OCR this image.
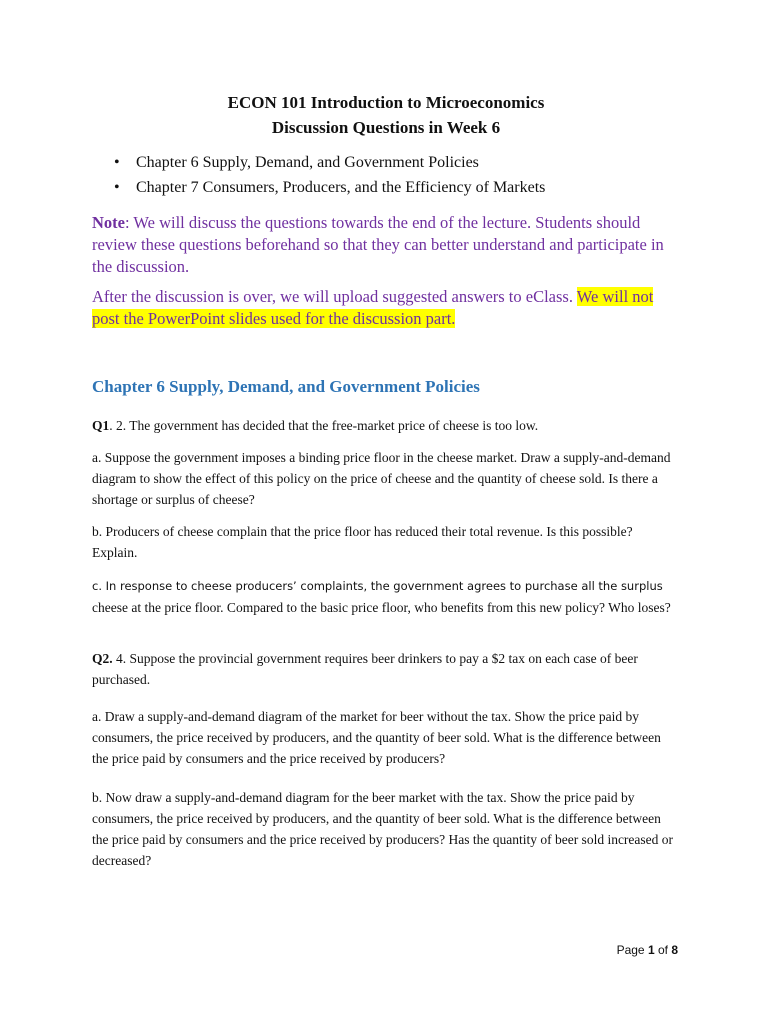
ECON 101 Introduction to Microeconomics
Discussion Questions in Week 6

• Chapter 6 Supply, Demand, and Government Policies
• Chapter 7 Consumers, Producers, and the Efficiency of Markets

Note: We will discuss the questions towards the end of the lecture. Students should review these questions beforehand so that they can better understand and participate in the discussion.

After the discussion is over, we will upload suggested answers to eClass. We will not post the PowerPoint slides used for the discussion part.

Chapter 6 Supply, Demand, and Government Policies

Q1. 2. The government has decided that the free-market price of cheese is too low.

a. Suppose the government imposes a binding price floor in the cheese market. Draw a supply-and-demand diagram to show the effect of this policy on the price of cheese and the quantity of cheese sold. Is there a shortage or surplus of cheese?

b. Producers of cheese complain that the price floor has reduced their total revenue. Is this possible? Explain.

c. In response to cheese producers’ complaints, the government agrees to purchase all the surplus cheese at the price floor. Compared to the basic price floor, who benefits from this new policy? Who loses?

Q2. 4. Suppose the provincial government requires beer drinkers to pay a $2 tax on each case of beer purchased.

a. Draw a supply-and-demand diagram of the market for beer without the tax. Show the price paid by consumers, the price received by producers, and the quantity of beer sold. What is the difference between the price paid by consumers and the price received by producers?

b. Now draw a supply-and-demand diagram for the beer market with the tax. Show the price paid by consumers, the price received by producers, and the quantity of beer sold. What is the difference between the price paid by consumers and the price received by producers? Has the quantity of beer sold increased or decreased?

Page 1 of 8
